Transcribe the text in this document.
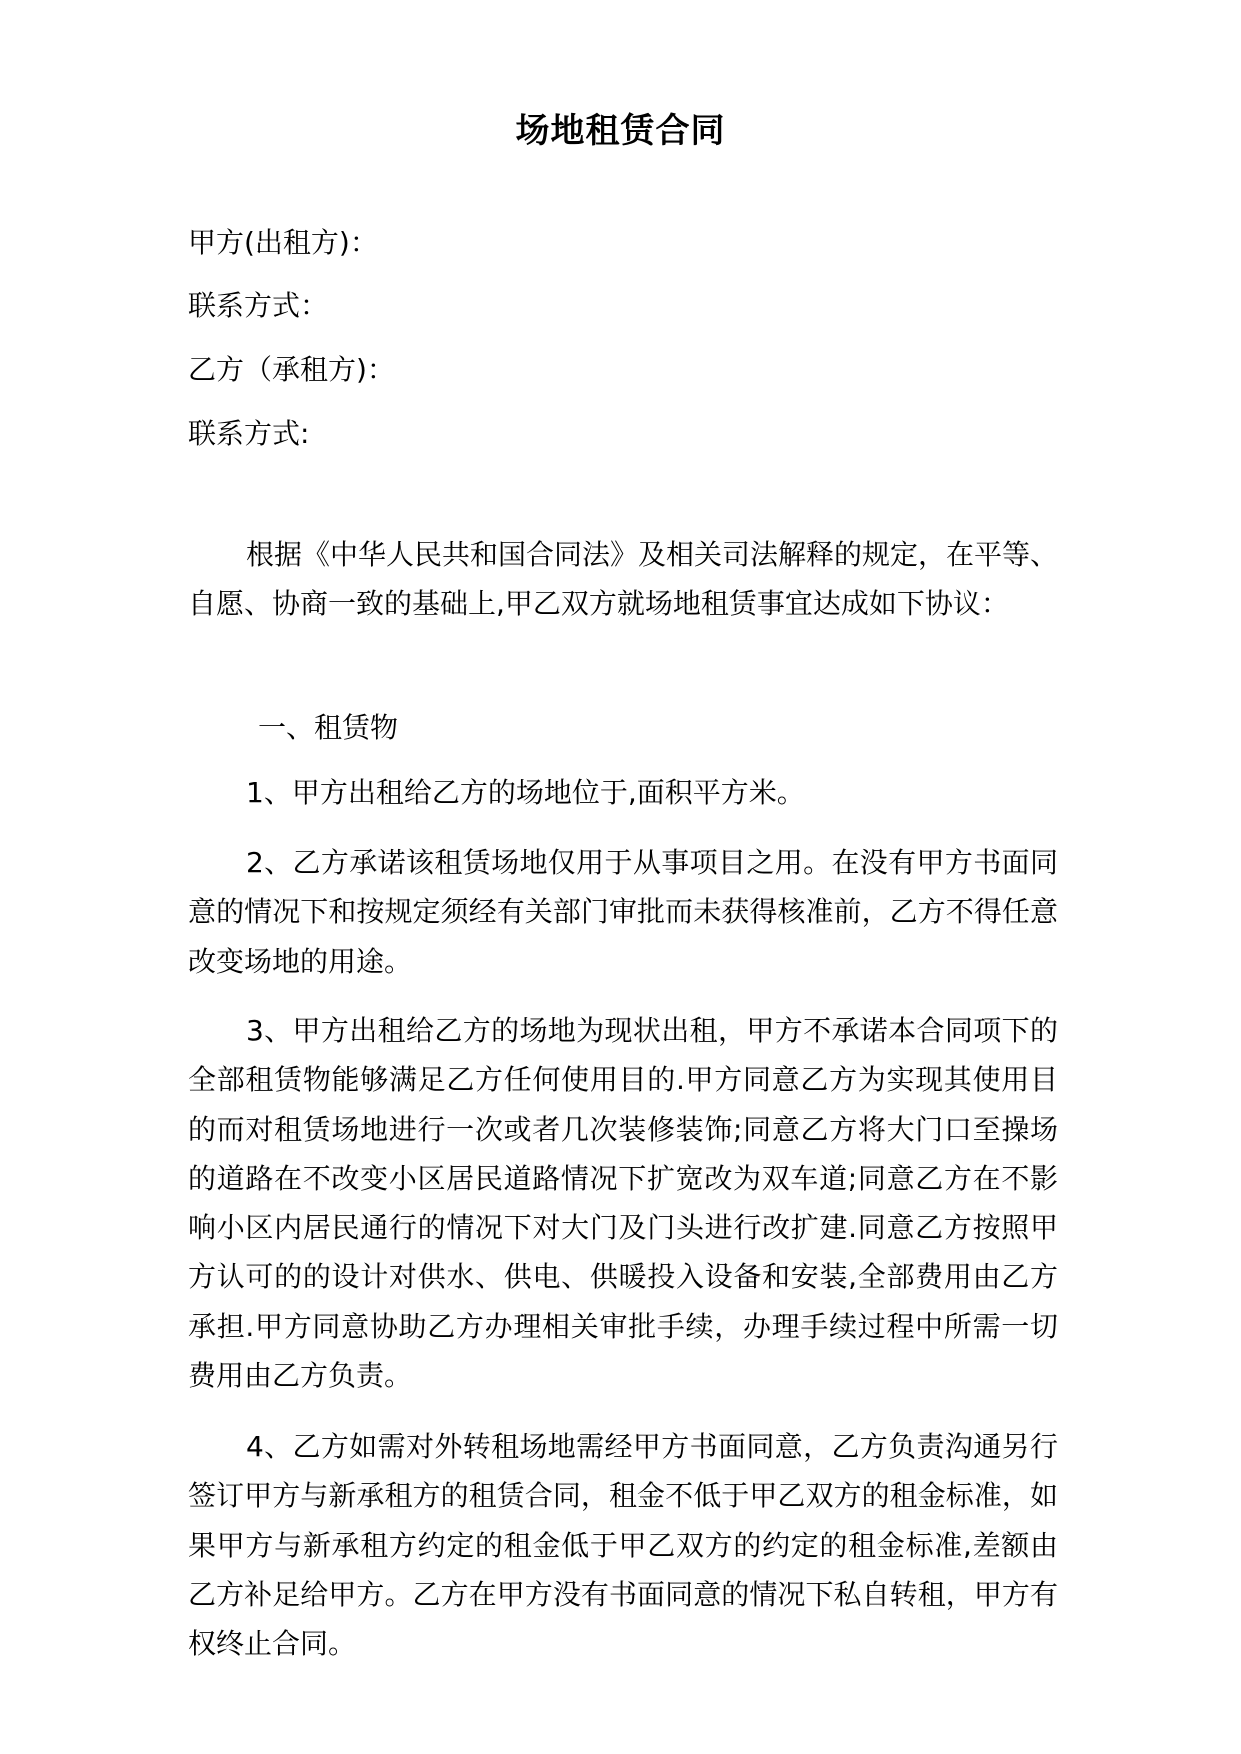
场地租赁合同
甲方(出租方)：
联系方式：
乙方（承租方)：
联系方式:
根据《中华人民共和国合同法》及相关司法解释的规定，在平等、自愿、协商一致的基础上,甲乙双方就场地租赁事宜达成如下协议：
一、租赁物
1、甲方出租给乙方的场地位于,面积平方米。
2、乙方承诺该租赁场地仅用于从事项目之用。在没有甲方书面同意的情况下和按规定须经有关部门审批而未获得核准前，乙方不得任意改变场地的用途。
3、甲方出租给乙方的场地为现状出租，甲方不承诺本合同项下的全部租赁物能够满足乙方任何使用目的.甲方同意乙方为实现其使用目的而对租赁场地进行一次或者几次装修装饰;同意乙方将大门口至操场的道路在不改变小区居民道路情况下扩宽改为双车道;同意乙方在不影响小区内居民通行的情况下对大门及门头进行改扩建.同意乙方按照甲方认可的的设计对供水、供电、供暖投入设备和安装,全部费用由乙方承担.甲方同意协助乙方办理相关审批手续，办理手续过程中所需一切费用由乙方负责。
4、乙方如需对外转租场地需经甲方书面同意，乙方负责沟通另行签订甲方与新承租方的租赁合同，租金不低于甲乙双方的租金标准，如果甲方与新承租方约定的租金低于甲乙双方的约定的租金标准,差额由乙方补足给甲方。乙方在甲方没有书面同意的情况下私自转租，甲方有权终止合同。
